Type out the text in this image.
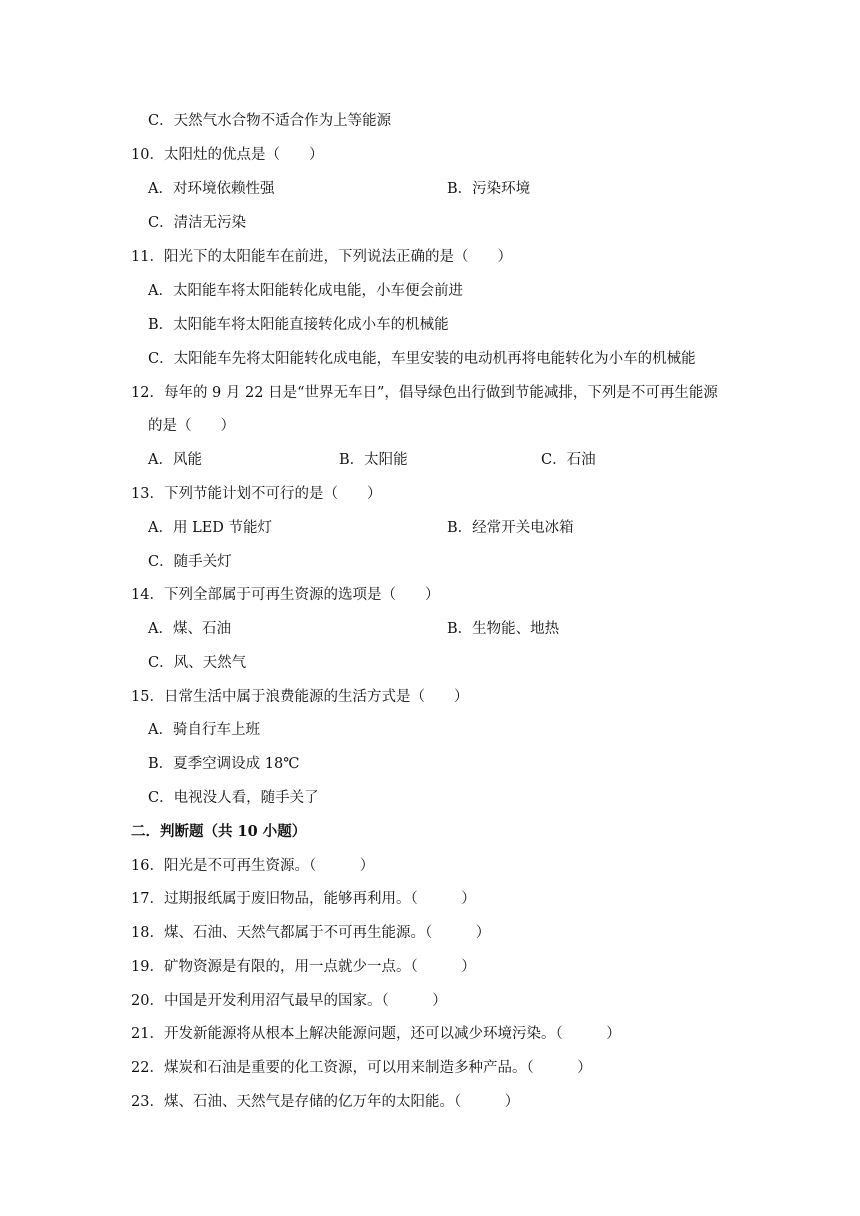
C．天然气水合物不适合作为上等能源
10．太阳灶的优点是（　　）
A．对环境依赖性强	B．污染环境
C．清洁无污染
11．阳光下的太阳能车在前进，下列说法正确的是（　　）
A．太阳能车将太阳能转化成电能，小车便会前进
B．太阳能车将太阳能直接转化成小车的机械能
C．太阳能车先将太阳能转化成电能，车里安装的电动机再将电能转化为小车的机械能
12．每年的 9 月 22 日是“世界无车日”，倡导绿色出行做到节能减排，下列是不可再生能源
的是（　　）
A．风能	B．太阳能	C．石油
13．下列节能计划不可行的是（　　）
A．用 LED 节能灯	B．经常开关电冰箱
C．随手关灯
14．下列全部属于可再生资源的选项是（　　）
A．煤、石油	B．生物能、地热
C．风、天然气
15．日常生活中属于浪费能源的生活方式是（　　）
A．骑自行车上班
B．夏季空调设成 18℃
C．电视没人看，随手关了
二．判断题（共 10 小题）
16．阳光是不可再生资源。（　　　）
17．过期报纸属于废旧物品，能够再利用。（　　　）
18．煤、石油、天然气都属于不可再生能源。（　　　）
19．矿物资源是有限的，用一点就少一点。（　　　）
20．中国是开发利用沼气最早的国家。（　　　）
21．开发新能源将从根本上解决能源问题，还可以减少环境污染。（　　　）
22．煤炭和石油是重要的化工资源，可以用来制造多种产品。（　　　）
23．煤、石油、天然气是存储的亿万年的太阳能。（　　　）
